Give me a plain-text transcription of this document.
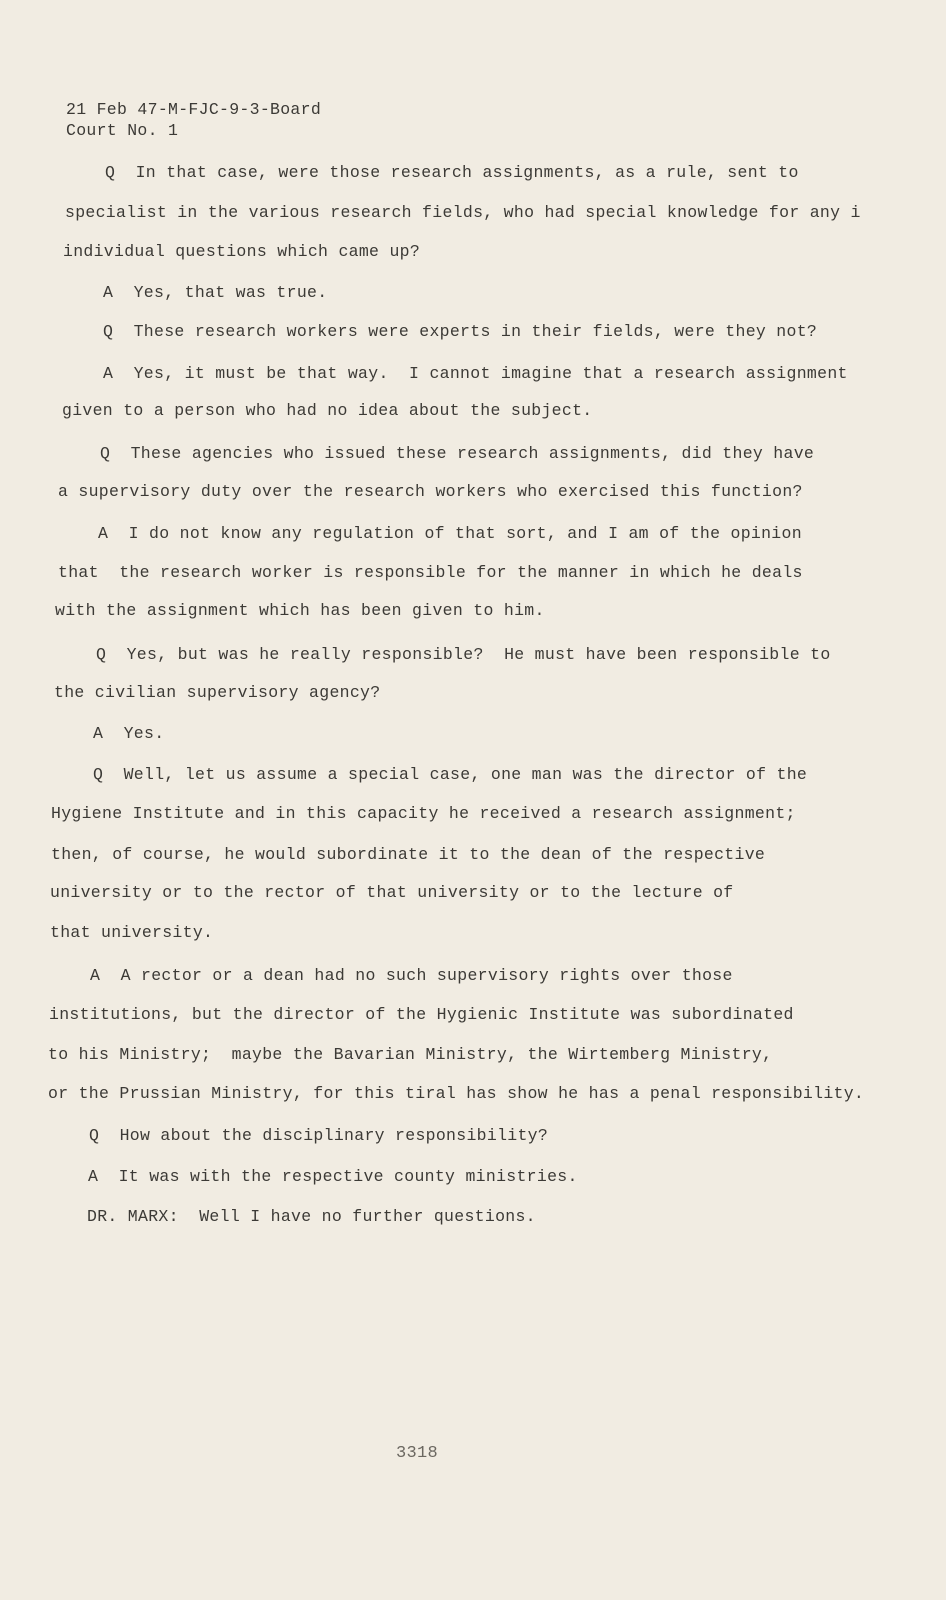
21 Feb 47-M-FJC-9-3-Board
Court No. 1
Q  In that case, were those research assignments, as a rule, sent to
specialist in the various research fields, who had special knowledge for any i
individual questions which came up?
A  Yes, that was true.
Q  These research workers were experts in their fields, were they not?
A  Yes, it must be that way.  I cannot imagine that a research assignment
given to a person who had no idea about the subject.
Q  These agencies who issued these research assignments, did they have
a supervisory duty over the research workers who exercised this function?
A  I do not know any regulation of that sort, and I am of the opinion
that  the research worker is responsible for the manner in which he deals
with the assignment which has been given to him.
Q  Yes, but was he really responsible?  He must have been responsible to
the civilian supervisory agency?
A  Yes.
Q  Well, let us assume a special case, one man was the director of the
Hygiene Institute and in this capacity he received a research assignment;
then, of course, he would subordinate it to the dean of the respective
university or to the rector of that university or to the lecture of
that university.
A  A rector or a dean had no such supervisory rights over those
institutions, but the director of the Hygienic Institute was subordinated
to his Ministry;  maybe the Bavarian Ministry, the Wirtemberg Ministry,
or the Prussian Ministry, for this tiral has show he has a penal responsibility.
Q  How about the disciplinary responsibility?
A  It was with the respective county ministries.
DR. MARX:  Well I have no further questions.
3318
